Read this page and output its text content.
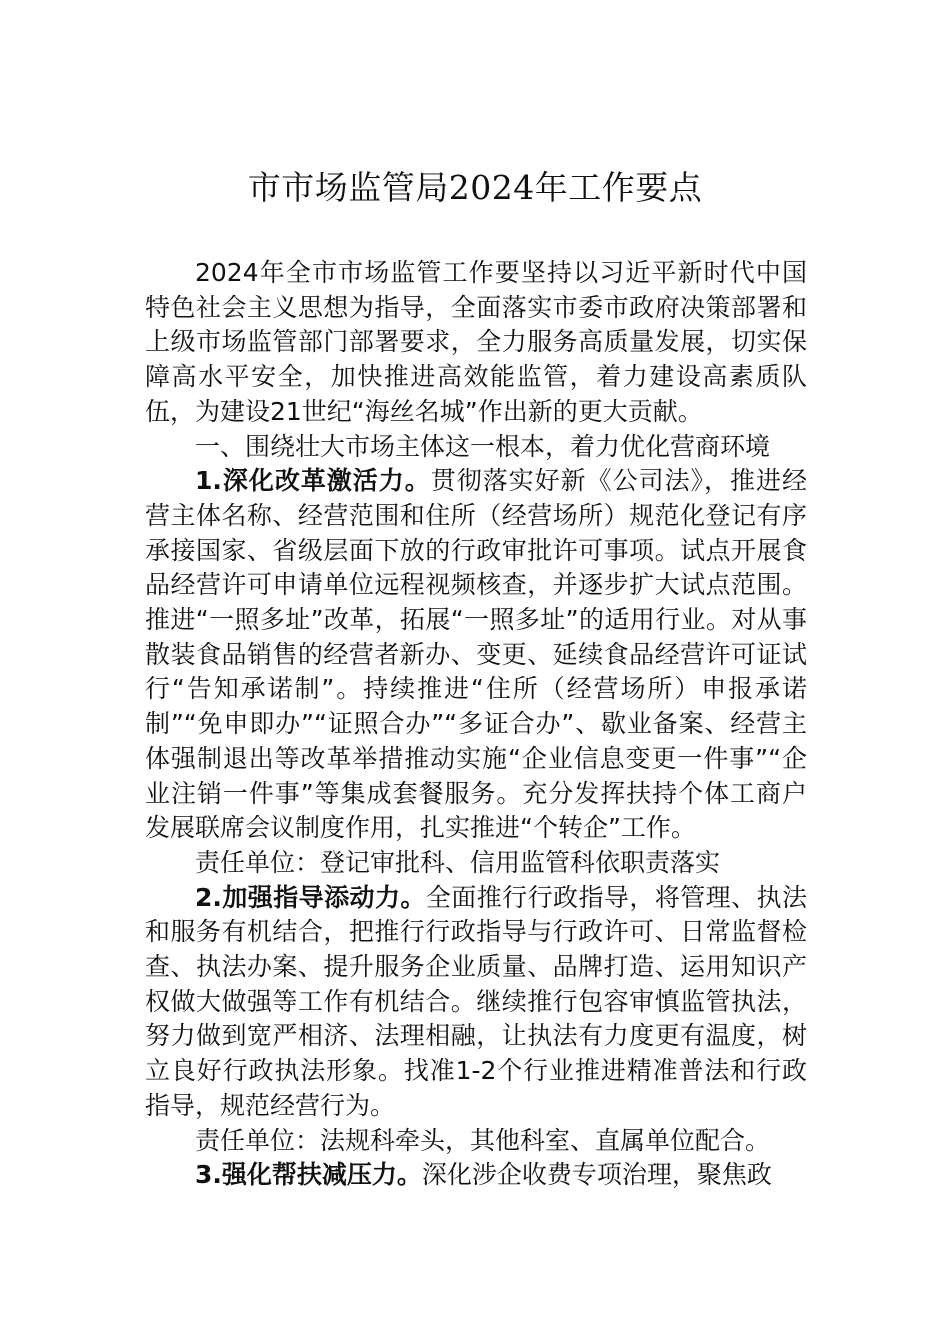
市市场监管局2024年工作要点

2024年全市市场监管工作要坚持以习近平新时代中国特色社会主义思想为指导，全面落实市委市政府决策部署和上级市场监管部门部署要求，全力服务高质量发展，切实保障高水平安全，加快推进高效能监管，着力建设高素质队伍，为建设21世纪“海丝名城”作出新的更大贡献。

一、围绕壮大市场主体这一根本，着力优化营商环境

1.深化改革激活力。贯彻落实好新《公司法》，推进经营主体名称、经营范围和住所（经营场所）规范化登记有序承接国家、省级层面下放的行政审批许可事项。试点开展食品经营许可申请单位远程视频核查，并逐步扩大试点范围。推进“一照多址”改革，拓展“一照多址”的适用行业。对从事散装食品销售的经营者新办、变更、延续食品经营许可证试行“告知承诺制”。持续推进“住所（经营场所）申报承诺制”“免申即办”“证照合办”“多证合办”、歇业备案、经营主体强制退出等改革举措推动实施“企业信息变更一件事”“企业注销一件事”等集成套餐服务。充分发挥扶持个体工商户发展联席会议制度作用，扎实推进“个转企”工作。

责任单位：登记审批科、信用监管科依职责落实

2.加强指导添动力。全面推行行政指导，将管理、执法和服务有机结合，把推行行政指导与行政许可、日常监督检查、执法办案、提升服务企业质量、品牌打造、运用知识产权做大做强等工作有机结合。继续推行包容审慎监管执法，努力做到宽严相济、法理相融，让执法有力度更有温度，树立良好行政执法形象。找准1-2个行业推进精准普法和行政指导，规范经营行为。

责任单位：法规科牵头，其他科室、直属单位配合。

3.强化帮扶减压力。深化涉企收费专项治理，聚焦政
